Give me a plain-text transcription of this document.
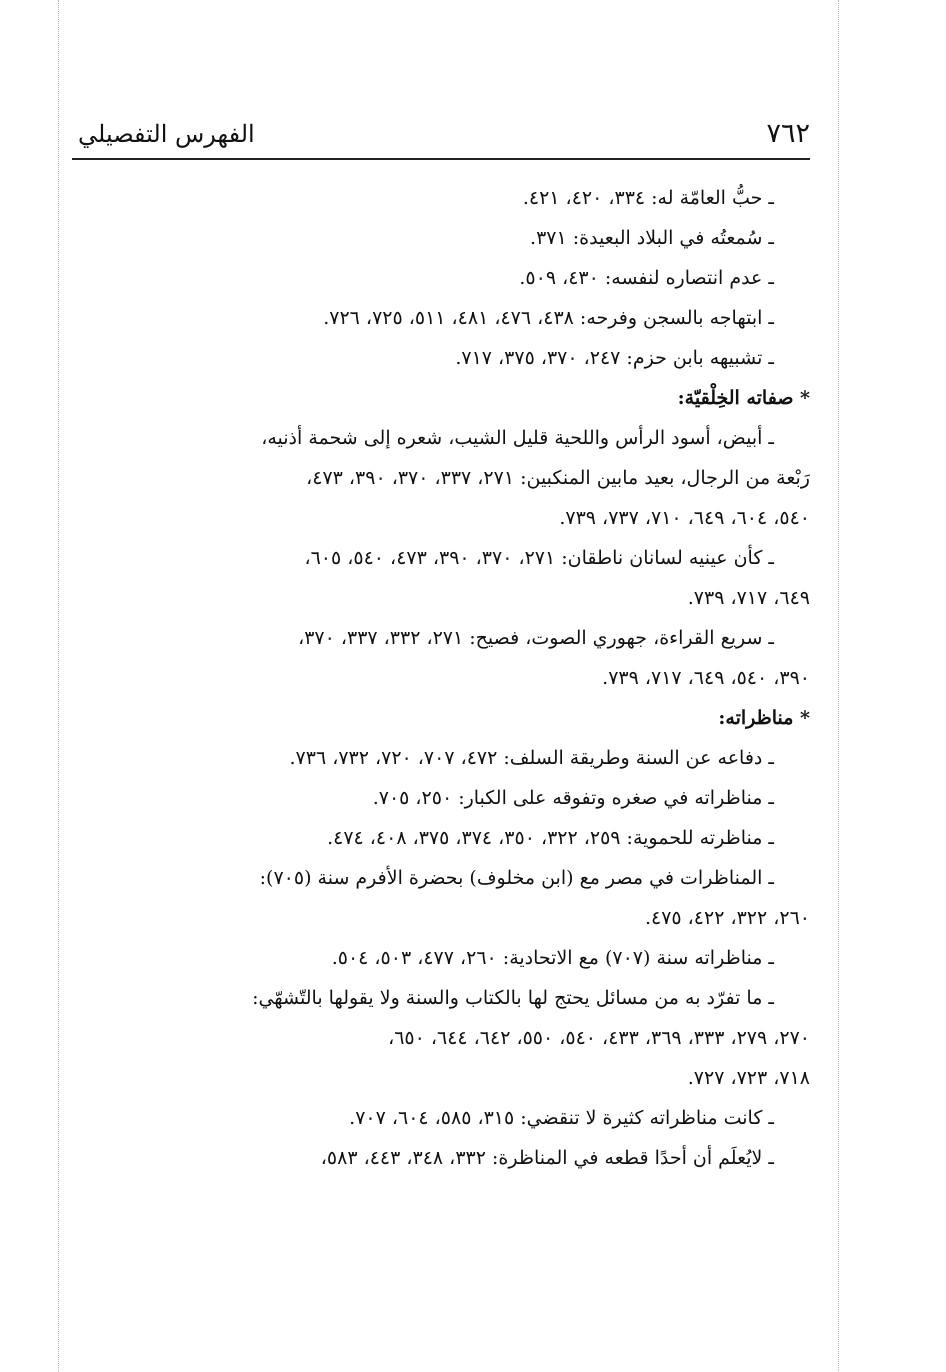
٧٦٢
الفهرس التفصيلي
ـ حبُّ العامّة له: ٣٣٤، ٤٢٠، ٤٢١.
ـ سُمعتُه في البلاد البعيدة: ٣٧١.
ـ عدم انتصاره لنفسه: ٤٣٠، ٥٠٩.
ـ ابتهاجه بالسجن وفرحه: ٤٣٨، ٤٧٦، ٤٨١، ٥١١، ٧٢٥، ٧٢٦.
ـ تشبيهه بابن حزم: ٢٤٧، ٣٧٠، ٣٧٥، ٧١٧.
* صفاته الخِلْقيّة:
ـ أبيض، أسود الرأس واللحية قليل الشيب، شعره إلى شحمة أذنيه،
رَبْعة من الرجال، بعيد مابين المنكبين: ٢٧١، ٣٣٧، ٣٧٠، ٣٩٠، ٤٧٣،
٥٤٠، ٦٠٤، ٦٤٩، ٧١٠، ٧٣٧، ٧٣٩.
ـ كأن عينيه لسانان ناطقان: ٢٧١، ٣٧٠، ٣٩٠، ٤٧٣، ٥٤٠، ٦٠٥،
٦٤٩، ٧١٧، ٧٣٩.
ـ سريع القراءة، جهوري الصوت، فصيح: ٢٧١، ٣٣٢، ٣٣٧، ٣٧٠،
٣٩٠، ٥٤٠، ٦٤٩، ٧١٧، ٧٣٩.
* مناظراته:
ـ دفاعه عن السنة وطريقة السلف: ٤٧٢، ٧٠٧، ٧٢٠، ٧٣٢، ٧٣٦.
ـ مناظراته في صغره وتفوقه على الكبار: ٢٥٠، ٧٠٥.
ـ مناظرته للحموية: ٢٥٩، ٣٢٢، ٣٥٠، ٣٧٤، ٣٧٥، ٤٠٨، ٤٧٤.
ـ المناظرات في مصر مع (ابن مخلوف) بحضرة الأفرم سنة (٧٠٥):
٢٦٠، ٣٢٢، ٤٢٢، ٤٧٥.
ـ مناظراته سنة (٧٠٧) مع الاتحادية: ٢٦٠، ٤٧٧، ٥٠٣، ٥٠٤.
ـ ما تفرّد به من مسائل يحتج لها بالكتاب والسنة ولا يقولها بالتّشهّي:
٢٧٠، ٢٧٩، ٣٣٣، ٣٦٩، ٤٣٣، ٥٤٠، ٥٥٠، ٦٤٢، ٦٤٤، ٦٥٠،
٧١٨، ٧٢٣، ٧٢٧.
ـ كانت مناظراته كثيرة لا تنقضي: ٣١٥، ٥٨٥، ٦٠٤، ٧٠٧.
ـ لايُعلَم أن أحدًا قطعه في المناظرة: ٣٣٢، ٣٤٨، ٤٤٣، ٥٨٣،
